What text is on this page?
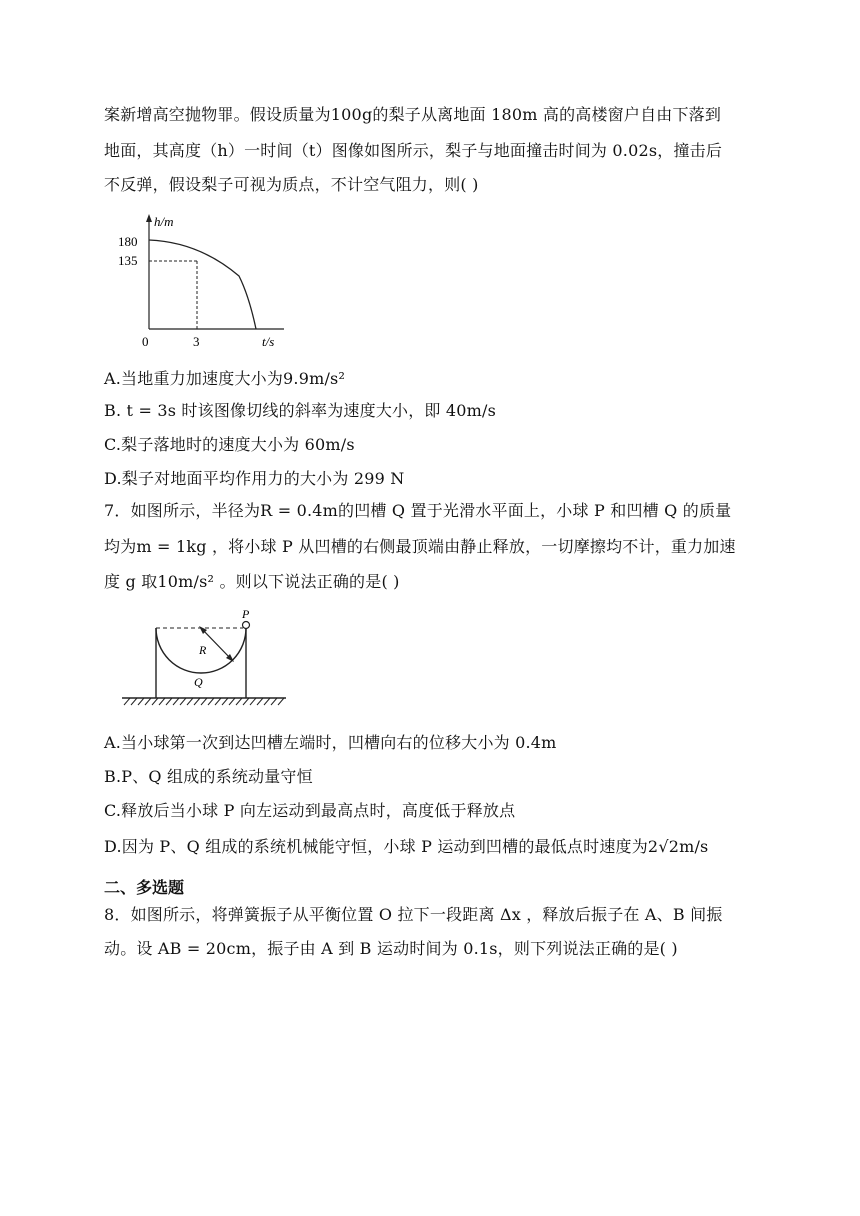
案新增高空抛物罪。假设质量为100g的梨子从离地面 180m 高的高楼窗户自由下落到
地面，其高度（h）一时间（t）图像如图所示，梨子与地面撞击时间为 0.02s，撞击后
不反弹，假设梨子可视为质点，不计空气阻力，则( )
h/m
180
135
0	3	t/s
A.当地重力加速度大小为9.9m/s²
B. t = 3s 时该图像切线的斜率为速度大小，即 40m/s
C.梨子落地时的速度大小为 60m/s
D.梨子对地面平均作用力的大小为 299 N
7．如图所示，半径为R = 0.4m的凹槽 Q 置于光滑水平面上，小球 P 和凹槽 Q 的质量
均为m = 1kg ，将小球 P 从凹槽的右侧最顶端由静止释放，一切摩擦均不计，重力加速
度 g 取10m/s² 。则以下说法正确的是( )
P
R
Q
A.当小球第一次到达凹槽左端时，凹槽向右的位移大小为 0.4m
B.P、Q 组成的系统动量守恒
C.释放后当小球 P 向左运动到最高点时，高度低于释放点
D.因为 P、Q 组成的系统机械能守恒，小球 P 运动到凹槽的最低点时速度为2√2m/s
二、多选题
8．如图所示，将弹簧振子从平衡位置 O 拉下一段距离 Δx ，释放后振子在 A、B 间振
动。设 AB = 20cm，振子由 A 到 B 运动时间为 0.1s，则下列说法正确的是( )
